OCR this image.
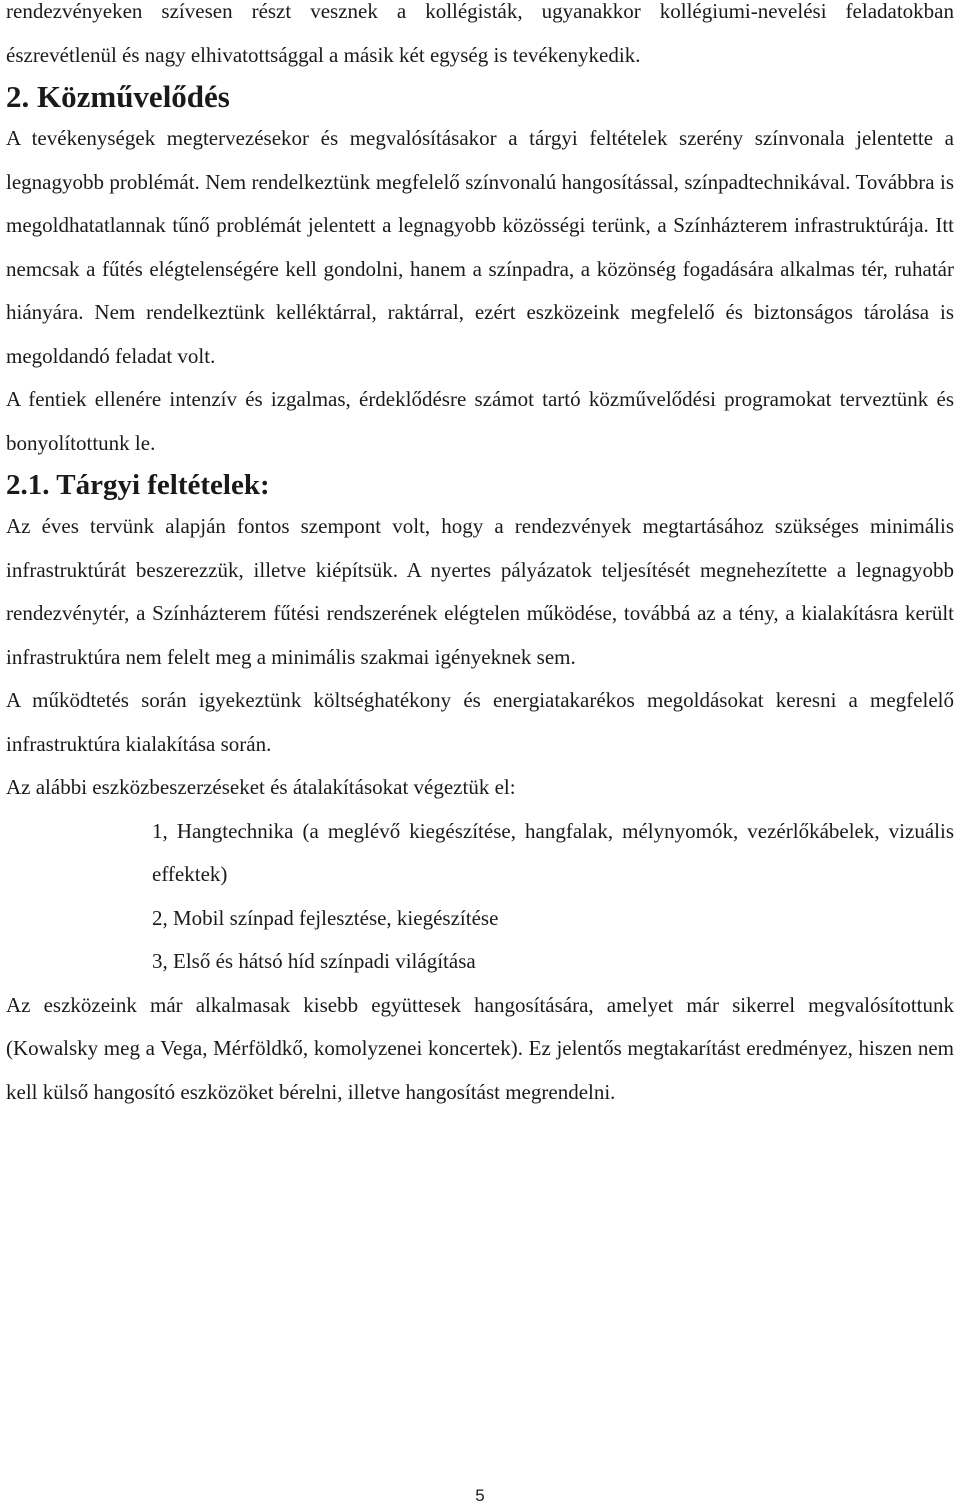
rendezvényeken szívesen részt vesznek a kollégisták, ugyanakkor kollégiumi-nevelési feladatokban észrevétlenül és nagy elhivatottsággal a másik két egység is tevékenykedik.

2. Közművelődés

A tevékenységek megtervezésekor és megvalósításakor a tárgyi feltételek szerény színvonala jelentette a legnagyobb problémát. Nem rendelkeztünk megfelelő színvonalú hangosítással, színpadtechnikával. Továbbra is megoldhatatlannak tűnő problémát jelentett a legnagyobb közösségi terünk, a Színházterem infrastruktúrája. Itt nemcsak a fűtés elégtelenségére kell gondolni, hanem a színpadra, a közönség fogadására alkalmas tér, ruhatár hiányára. Nem rendelkeztünk kelléktárral, raktárral, ezért eszközeink megfelelő és biztonságos tárolása is megoldandó feladat volt.

A fentiek ellenére intenzív és izgalmas, érdeklődésre számot tartó közművelődési programokat terveztünk és bonyolítottunk le.

2.1. Tárgyi feltételek:

Az éves tervünk alapján fontos szempont volt, hogy a rendezvények megtartásához szükséges minimális infrastruktúrát beszerezzük, illetve kiépítsük. A nyertes pályázatok teljesítését megnehezítette a legnagyobb rendezvénytér, a Színházterem fűtési rendszerének elégtelen működése, továbbá az a tény, a kialakításra került infrastruktúra nem felelt meg a minimális szakmai igényeknek sem.

A működtetés során igyekeztünk költséghatékony és energiatakarékos megoldásokat keresni a megfelelő infrastruktúra kialakítása során.

Az alábbi eszközbeszerzéseket és átalakításokat végeztük el:

1, Hangtechnika (a meglévő kiegészítése, hangfalak, mélynyomók, vezérlőkábelek, vizuális effektek)

2, Mobil színpad fejlesztése, kiegészítése

3, Első és hátsó híd színpadi világítása

Az eszközeink már alkalmasak kisebb együttesek hangosítására, amelyet már sikerrel megvalósítottunk (Kowalsky meg a Vega, Mérföldkő, komolyzenei koncertek). Ez jelentős megtakarítást eredményez, hiszen nem kell külső hangosító eszközöket bérelni, illetve hangosítást megrendelni.

5
